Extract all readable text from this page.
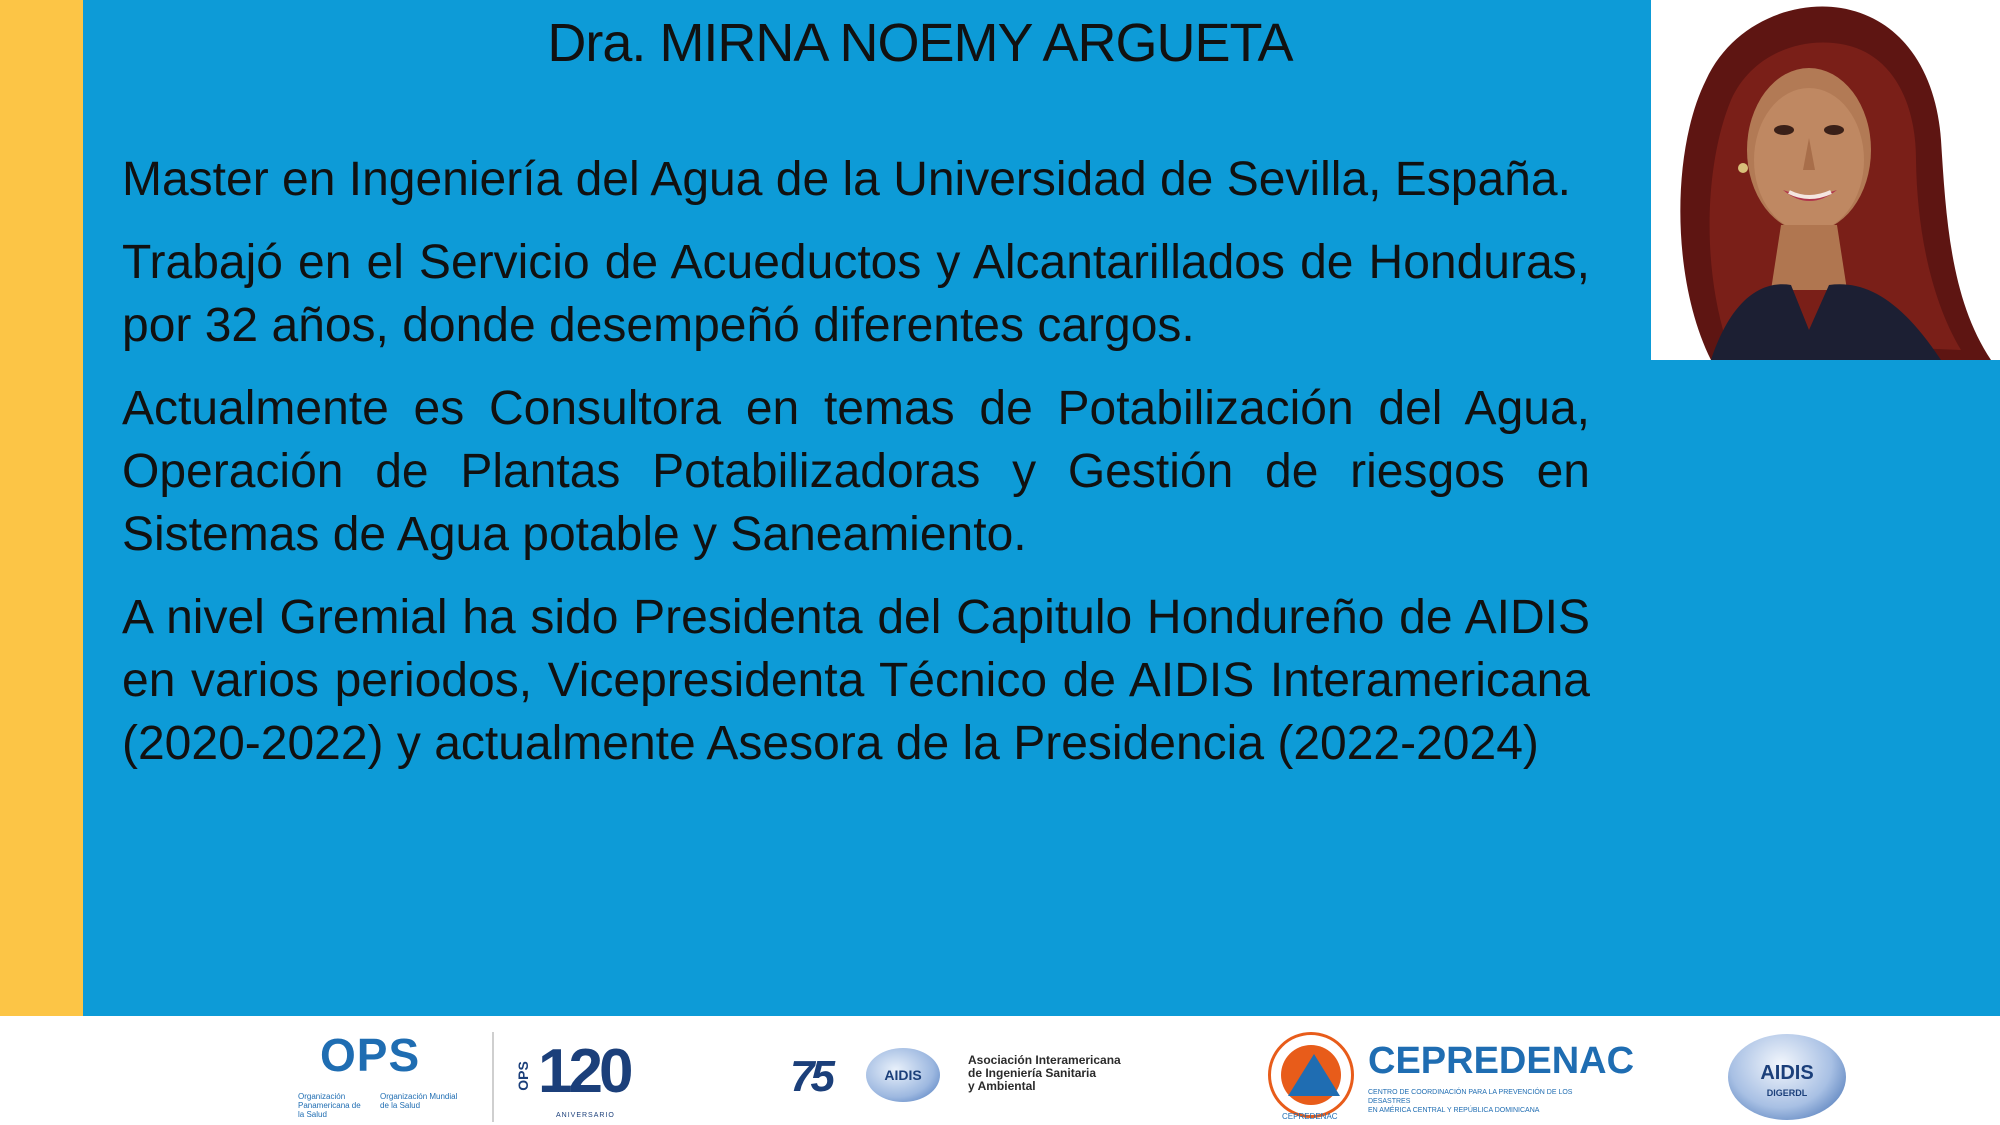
Dra. MIRNA NOEMY ARGUETA

Master en Ingeniería del Agua de la Universidad de Sevilla, España.

Trabajó en el Servicio de Acueductos y Alcantarillados de Honduras, por 32 años, donde desempeñó diferentes cargos.

Actualmente es Consultora en temas de Potabilización del Agua, Operación de Plantas Potabilizadoras y Gestión de riesgos en Sistemas de Agua potable y Saneamiento.

A nivel Gremial ha sido Presidenta del Capitulo Hondureño de AIDIS en varios periodos, Vicepresidenta Técnico de AIDIS Interamericana (2020-2022) y actualmente Asesora de la Presidencia (2022-2024)

OPS
Organización Panamericana de la Salud
Organización Mundial de la Salud
OPS 120
ANIVERSARIO
75	AIDIS
Asociación Interamericana
de Ingeniería Sanitaria
y Ambiental
CEPREDENAC
CEPREDENAC
CENTRO DE COORDINACIÓN PARA LA PREVENCIÓN DE LOS DESASTRES
EN AMÉRICA CENTRAL Y REPÚBLICA DOMINICANA
AIDIS
DIGERDL
